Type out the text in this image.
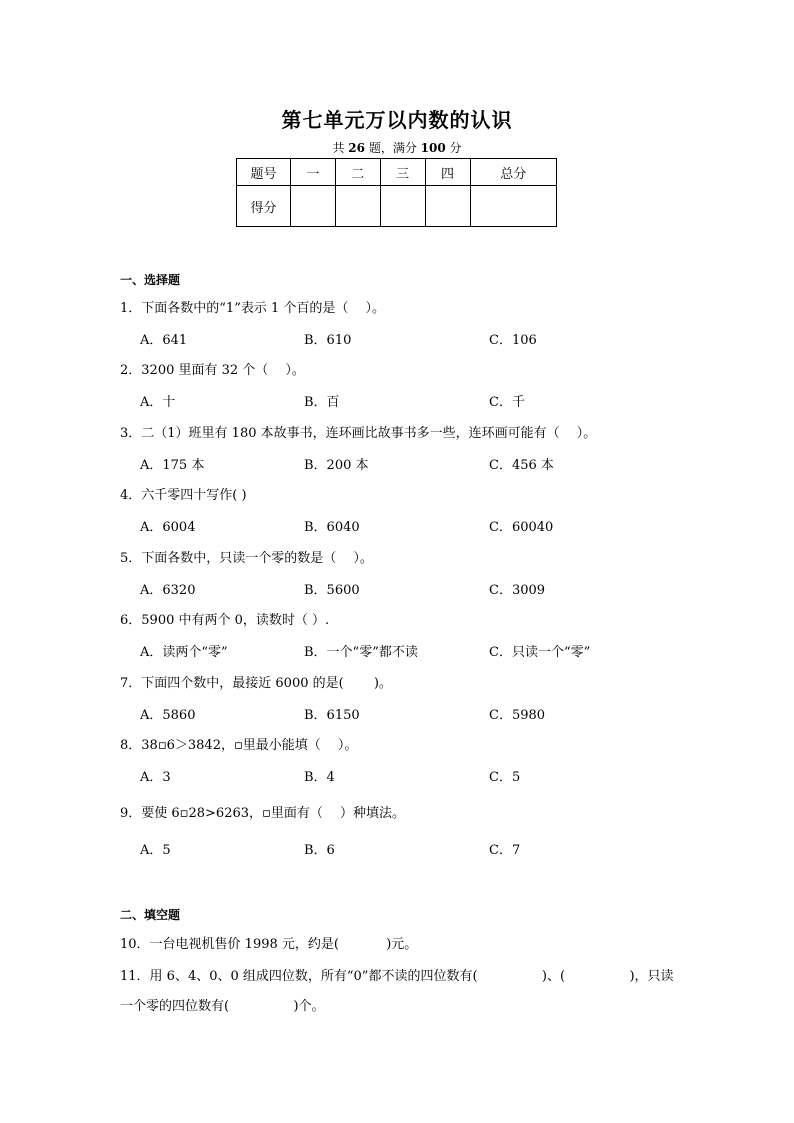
第七单元万以内数的认识
共 26 题，满分 100 分
题号	一	二	三	四	总分
得分					
一、选择题
1．下面各数中的“1”表示 1 个百的是（　 ）。
A．641	B．610	C．106
2．3200 里面有 32 个（　 ）。
A．十	B．百	C．千
3．二（1）班里有 180 本故事书，连环画比故事书多一些，连环画可能有（　 ）。
A．175 本	B．200 本	C．456 本
4．六千零四十写作( )
A．6004	B．6040	C．60040
5．下面各数中，只读一个零的数是（　 ）。
A．6320	B．5600	C．3009
6．5900 中有两个 0，读数时（ ）.
A．读两个“零”	B．一个“零”都不读	C．只读一个“零”
7．下面四个数中，最接近 6000 的是(　 　)。
A．5860	B．6150	C．5980
8．38▫6＞3842，▫里最小能填（　 ）。
A．3	B．4	C．5
9．要使 6▫28>6263，▫里面有（　 ）种填法。
A．5	B．6	C．7
二、填空题
10．一台电视机售价 1998 元，约是(　 　 　)元。
11．用 6、4、0、0 组成四位数，所有“0”都不读的四位数有(　 　 　 　)、(　 　 　 　)，只读
一个零的四位数有(　 　 　 　)个。
